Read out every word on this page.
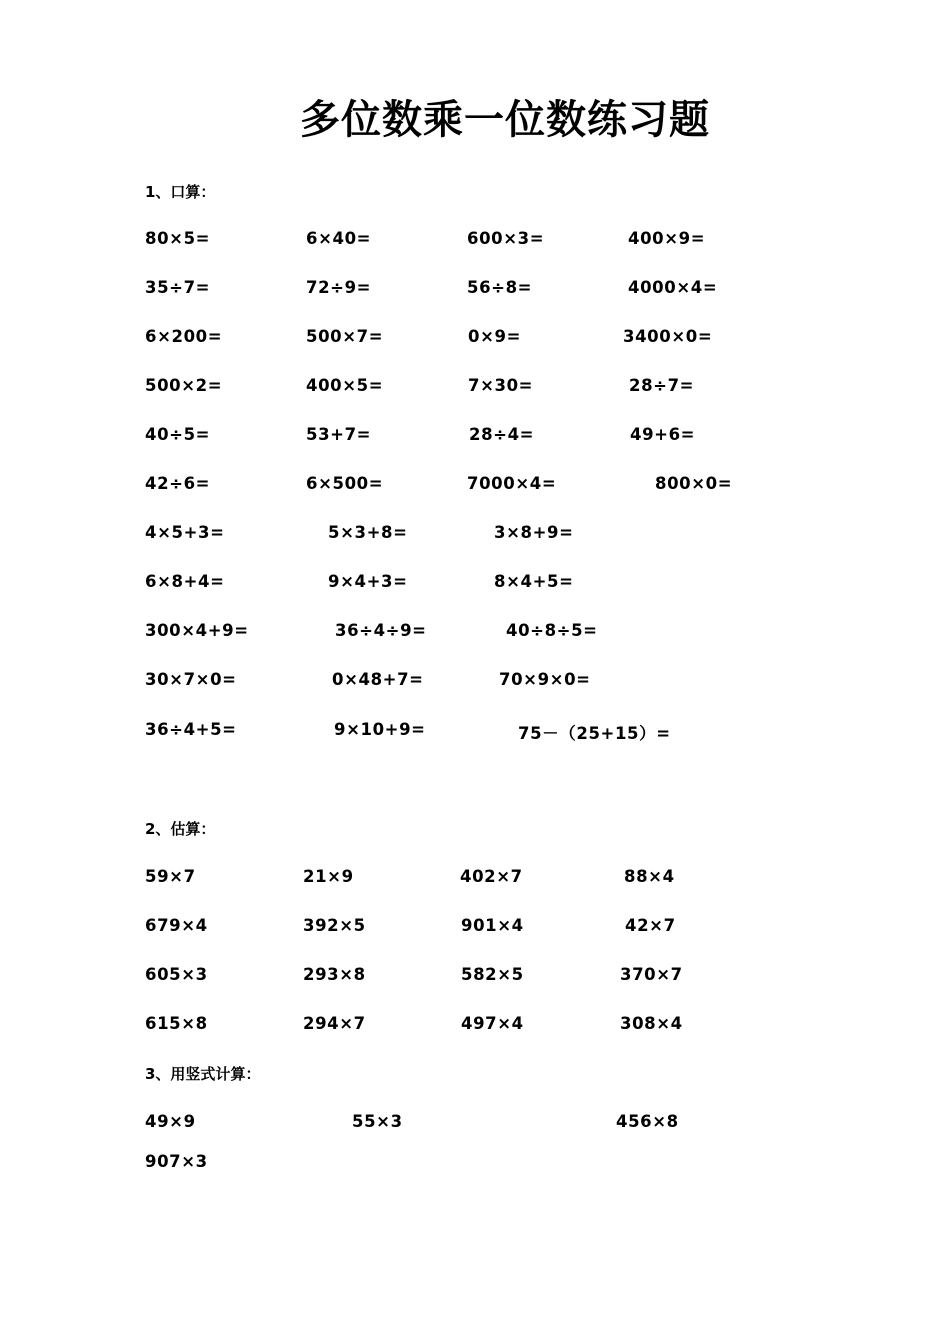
多位数乘一位数练习题
1、口算：
80×5=	6×40=	600×3=	400×9=
35÷7=	72÷9=	56÷8=	4000×4=
6×200=	500×7=	0×9=	3400×0=
500×2=	400×5=	7×30=	28÷7=
40÷5=	53+7=	28÷4=	49+6=
42÷6=	6×500=	7000×4=	800×0=
4×5+3=	5×3+8=	3×8+9=
6×8+4=	9×4+3=	8×4+5=
300×4+9=	36÷4÷9=	40÷8÷5=
30×7×0=	0×48+7=	70×9×0=
36÷4+5=	9×10+9=	75－（25+15）=
2、估算：
59×7	21×9	402×7	88×4
679×4	392×5	901×4	42×7
605×3	293×8	582×5	370×7
615×8	294×7	497×4	308×4
3、用竖式计算：
49×9	55×3	456×8
907×3
